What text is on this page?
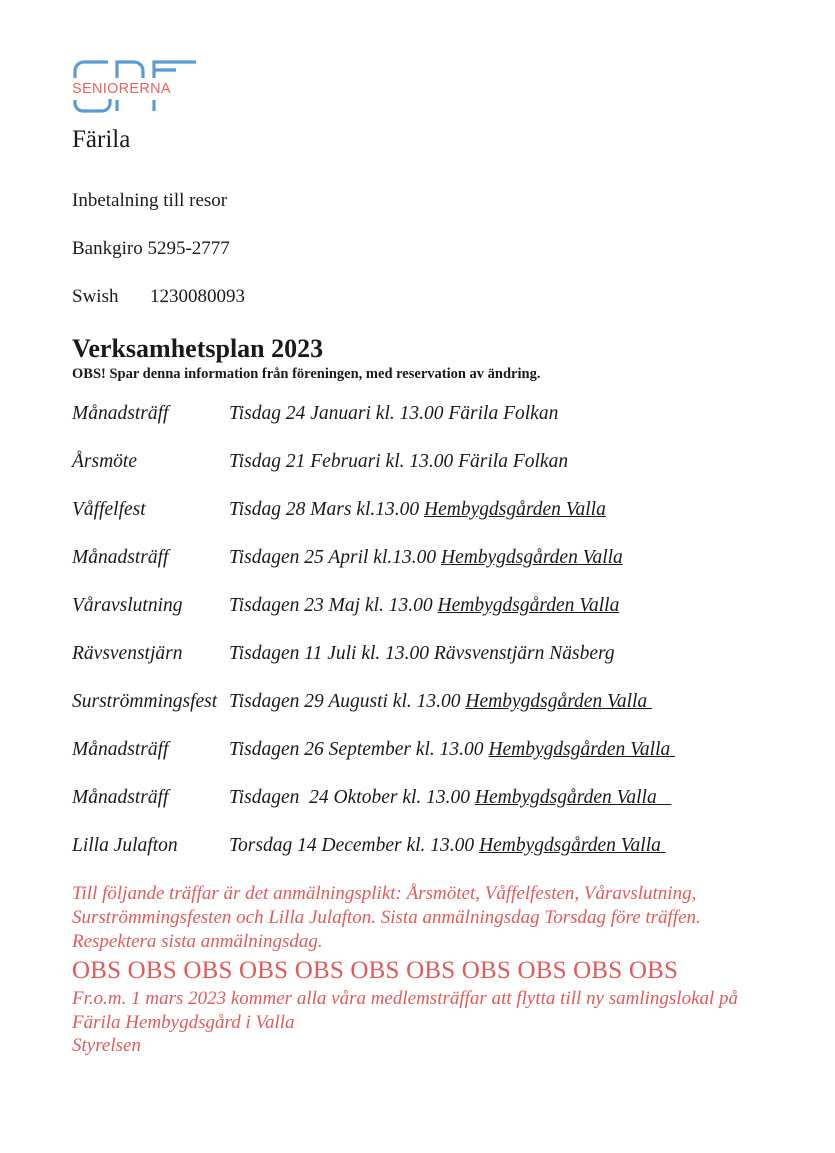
SENIORERNA
Färila
Inbetalning till resor
Bankgiro 5295-2777
Swish 1230080093
Verksamhetsplan 2023
OBS! Spar denna information från föreningen, med reservation av ändring.
Månadsträff	Tisdag 24 Januari kl. 13.00 Färila Folkan
Årsmöte	Tisdag 21 Februari kl. 13.00 Färila Folkan
Våffelfest	Tisdag 28 Mars kl.13.00 Hembygdsgården Valla
Månadsträff	Tisdagen 25 April kl.13.00 Hembygdsgården Valla
Våravslutning Tisdagen 23 Maj kl. 13.00 Hembygdsgården Valla
Rävsvenstjärn Tisdagen 11 Juli kl. 13.00 Rävsvenstjärn Näsberg
Surströmmingsfest Tisdagen 29 Augusti kl. 13.00 Hembygdsgården Valla
Månadsträff	Tisdagen 26 September kl. 13.00 Hembygdsgården Valla
Månadsträff	Tisdagen  24 Oktober kl. 13.00 Hembygdsgården Valla
Lilla Julafton	Torsdag 14 December kl. 13.00 Hembygdsgården Valla
Till följande träffar är det anmälningsplikt: Årsmötet, Våffelfesten, Våravslutning, Surströmmingsfesten och Lilla Julafton. Sista anmälningsdag Torsdag före träffen. Respektera sista anmälningsdag.
OBS OBS OBS OBS OBS OBS OBS OBS OBS OBS OBS
Fr.o.m. 1 mars 2023 kommer alla våra medlemsträffar att flytta till ny samlingslokal på Färila Hembygdsgård i Valla
Styrelsen
